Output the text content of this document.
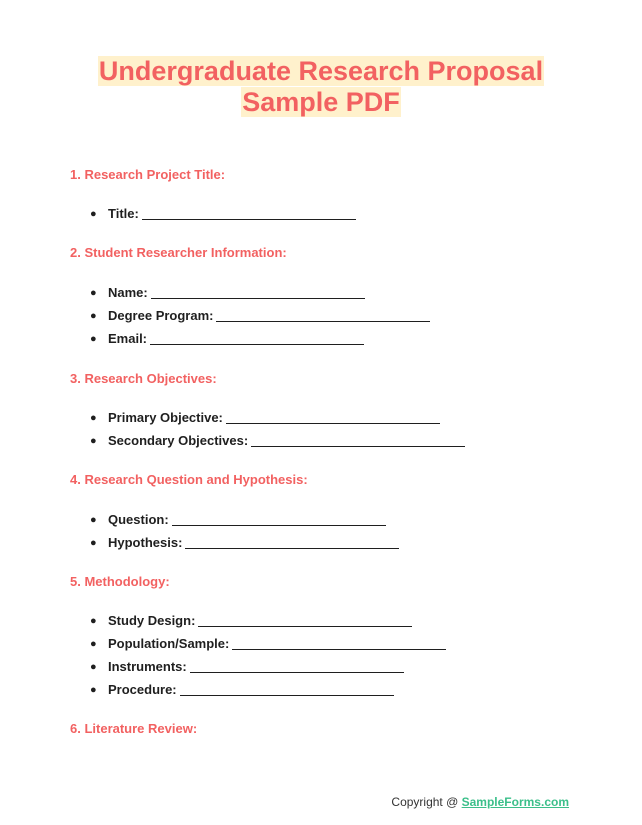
Undergraduate Research Proposal
Sample PDF
1. Research Project Title:
● Title:
2. Student Researcher Information:
● Name:
● Degree Program:
● Email:
3. Research Objectives:
● Primary Objective:
● Secondary Objectives:
4. Research Question and Hypothesis:
● Question:
● Hypothesis:
5. Methodology:
● Study Design:
● Population/Sample:
● Instruments:
● Procedure:
6. Literature Review:
Copyright @ SampleForms.com
